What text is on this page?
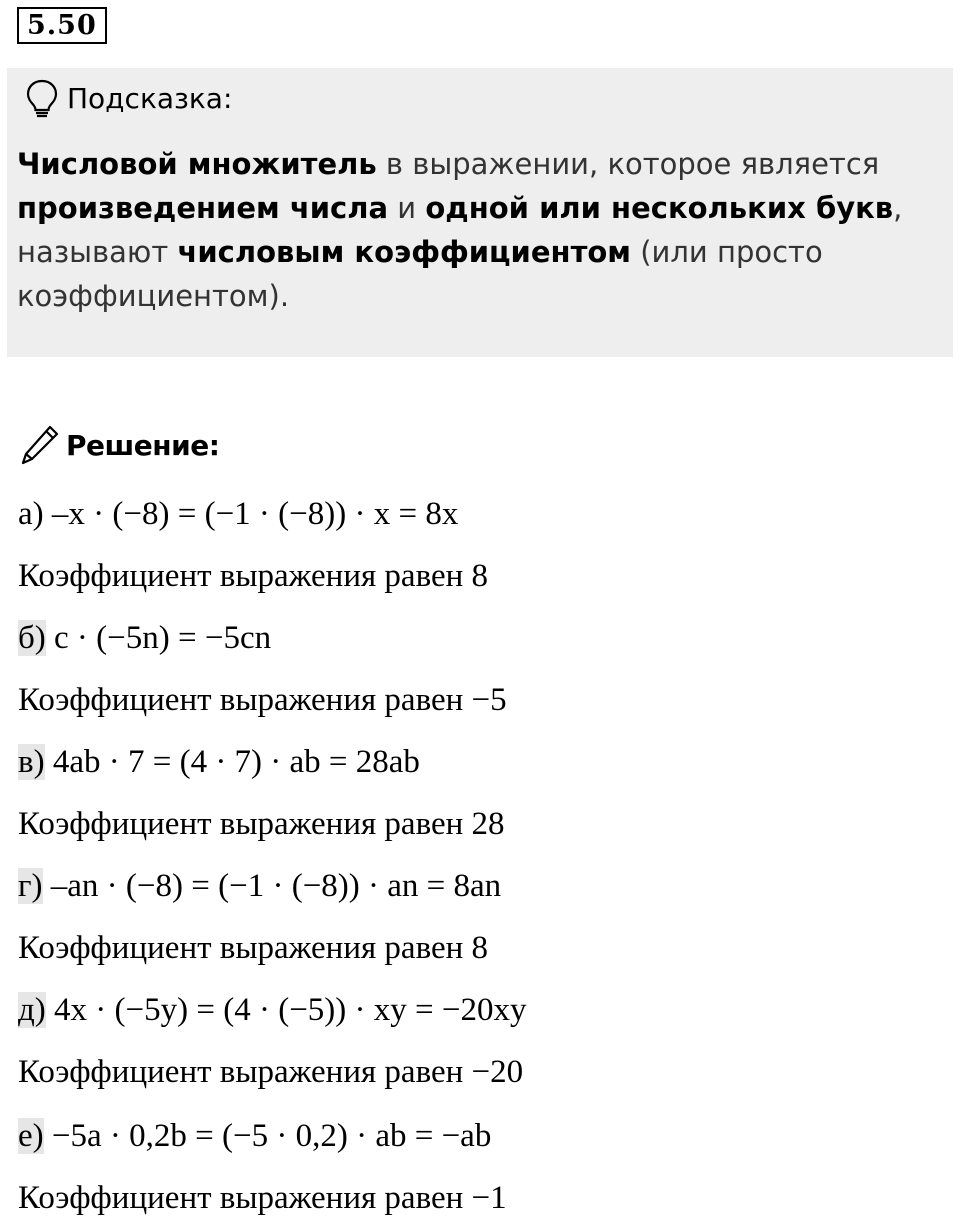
5.50
Подсказка:
Числовой множитель в выражении, которое является
произведением числа и одной или нескольких букв,
называют числовым коэффициентом (или просто
коэффициентом).
Решение:
а) –x · (−8) = (−1 · (−8)) · x = 8x
Коэффициент выражения равен 8
б) c · (−5n) = −5cn
Коэффициент выражения равен −5
в) 4ab · 7 = (4 · 7) · ab = 28ab
Коэффициент выражения равен 28
г) –an · (−8) = (−1 · (−8)) · an = 8an
Коэффициент выражения равен 8
д) 4x · (−5y) = (4 · (−5)) · xy = −20xy
Коэффициент выражения равен −20
е) −5a · 0,2b = (−5 · 0,2) · ab = −ab
Коэффициент выражения равен −1
